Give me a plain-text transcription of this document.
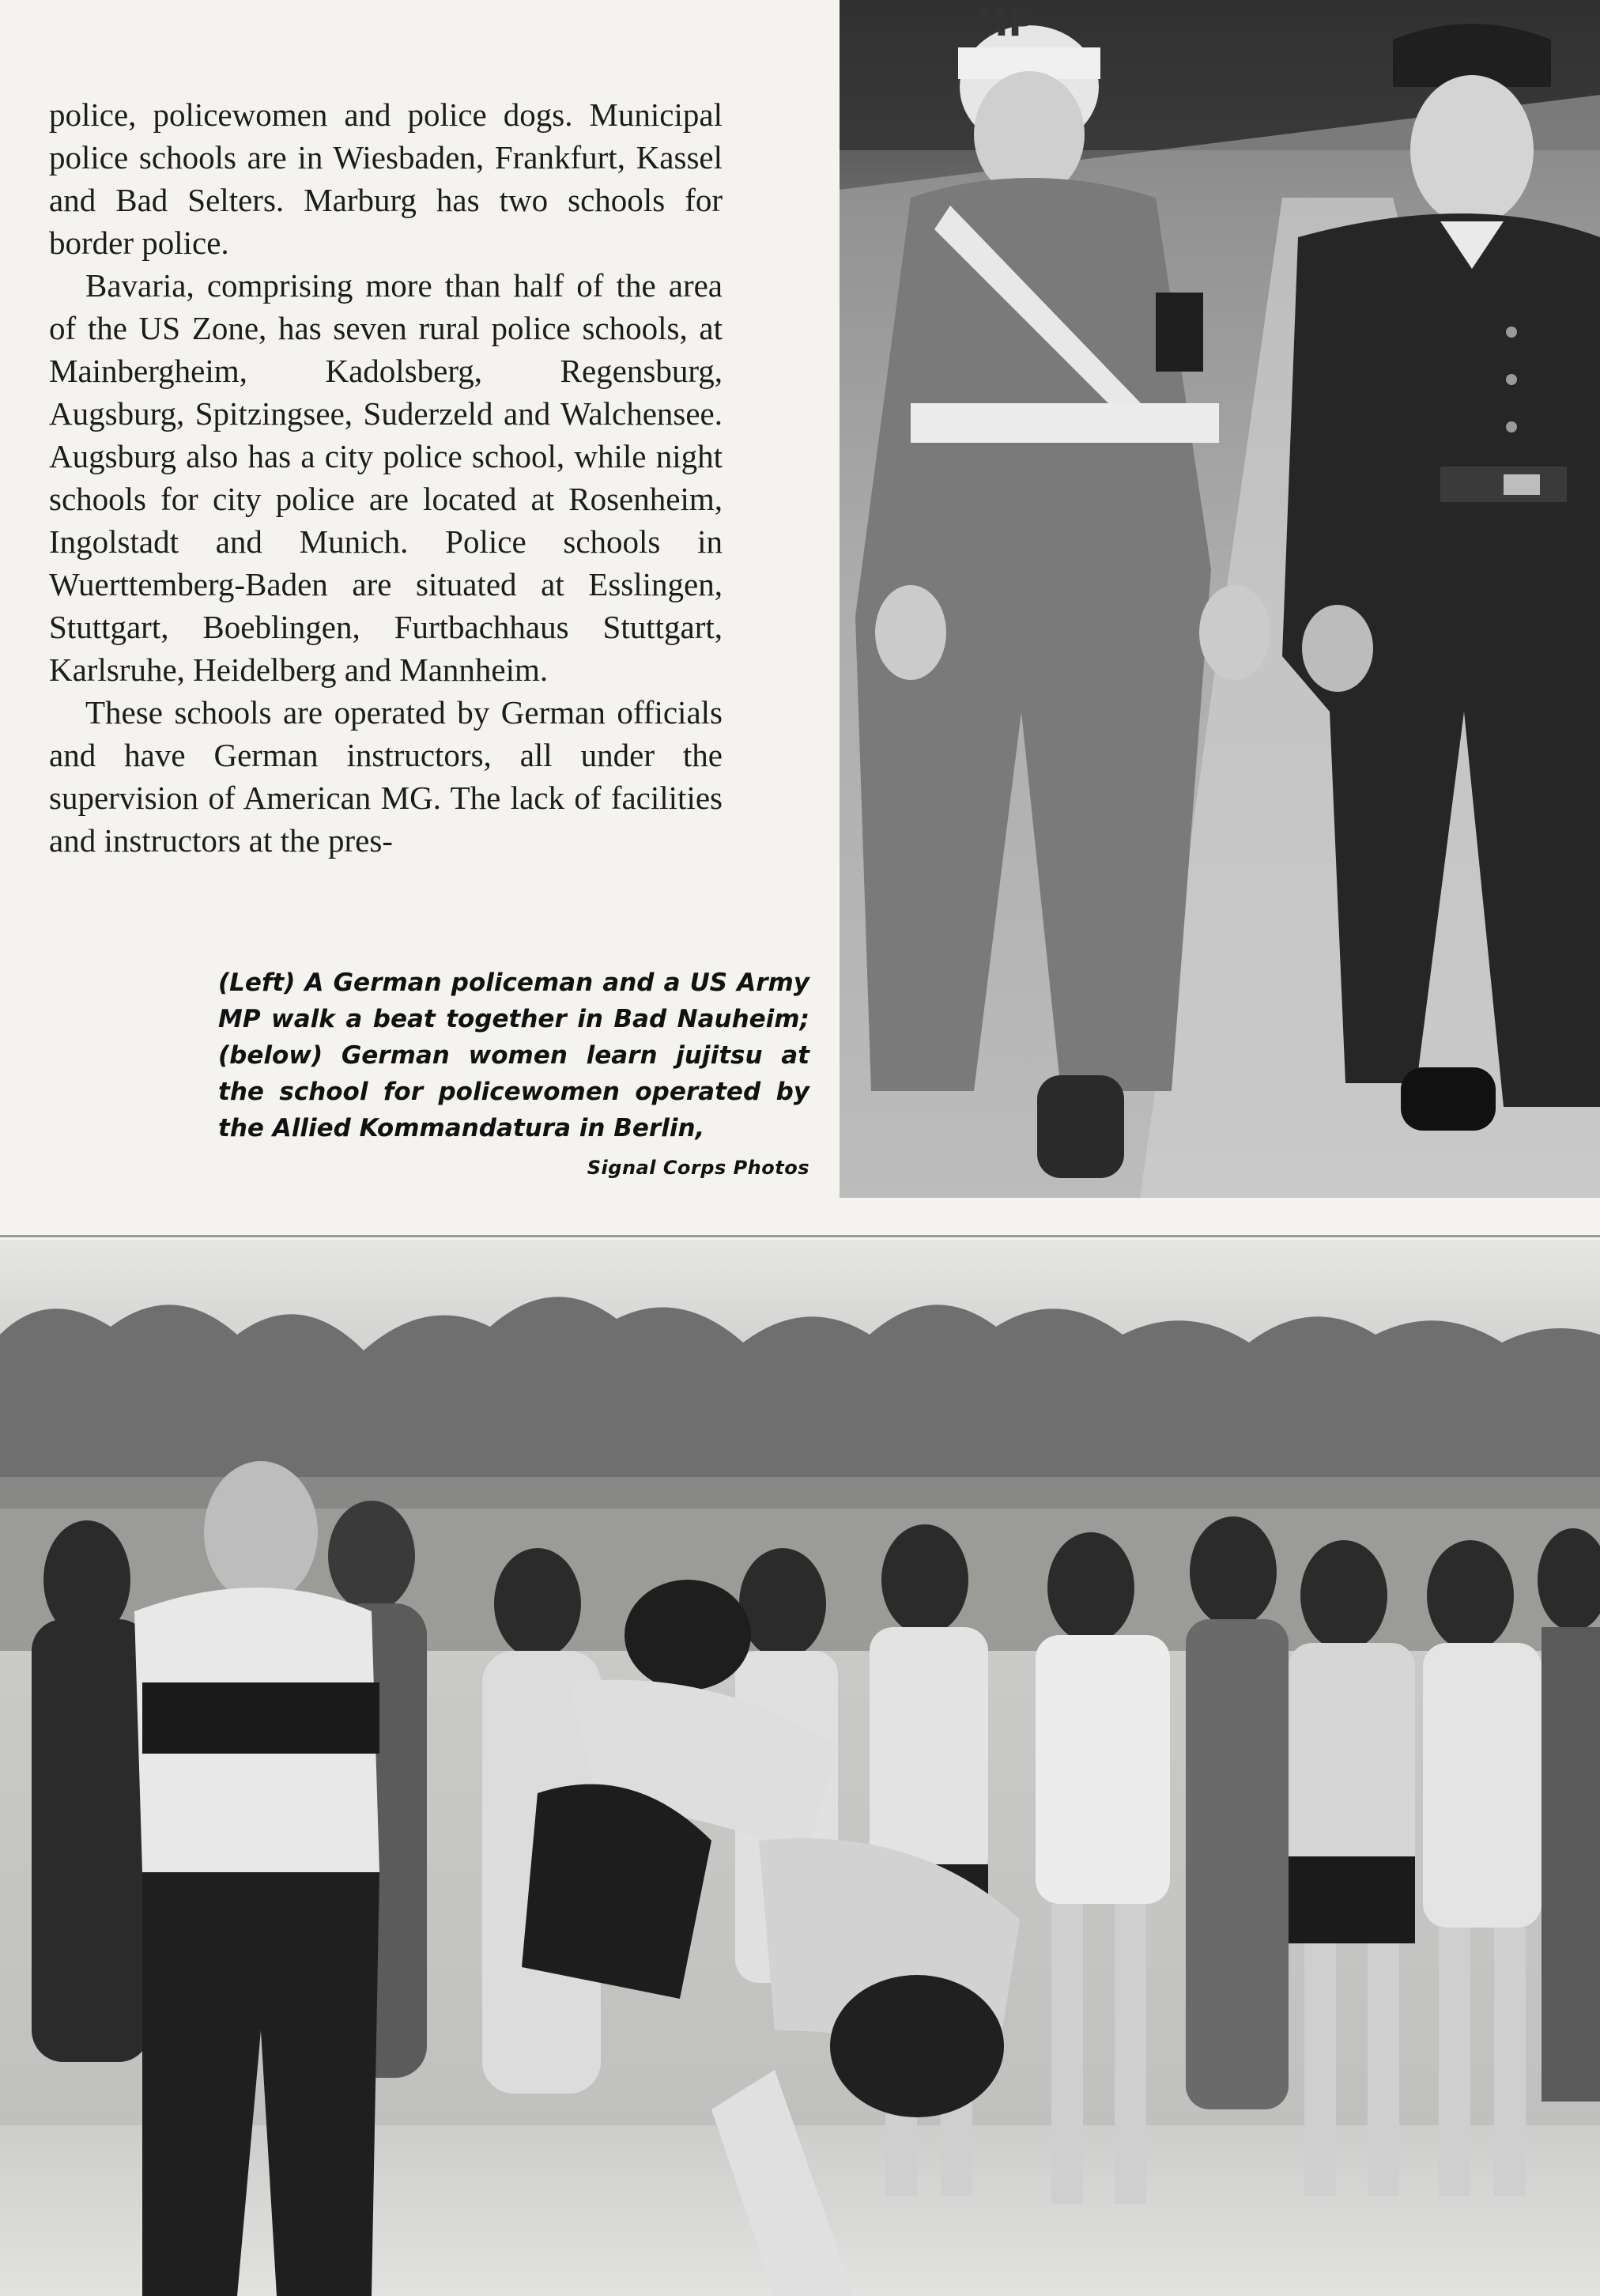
police, policewomen and police dogs. Municipal police schools are in Wiesbaden, Frankfurt, Kassel and Bad Selters. Marburg has two schools for border police.

Bavaria, comprising more than half of the area of the US Zone, has seven rural police schools, at Mainbergheim, Kadolsberg, Regensburg, Augsburg, Spitzingsee, Suderzeld and Walchensee. Augsburg also has a city police school, while night schools for city police are located at Rosenheim, Ingolstadt and Munich. Police schools in Wuerttemberg-Baden are situated at Esslingen, Stuttgart, Boeblingen, Furtbachhaus Stuttgart, Karlsruhe, Heidelberg and Mannheim.

These schools are operated by German officials and have German instructors, all under the supervision of American MG. The lack of facilities and instructors at the pres-

(Left) A German policeman and a US Army MP walk a beat together in Bad Nauheim; (below) German women learn jujitsu at the school for policewomen operated by the Allied Kommandatura in Berlin,
Signal Corps Photos
HP
